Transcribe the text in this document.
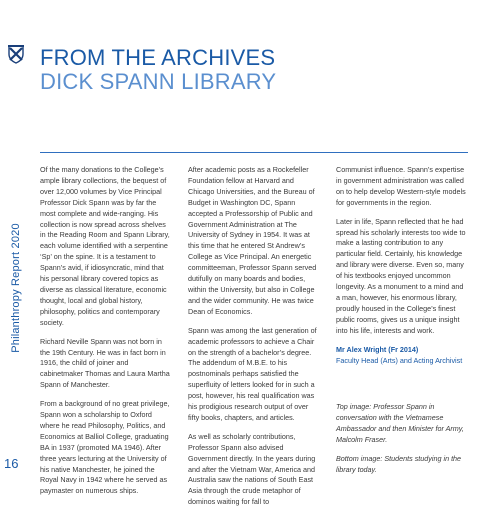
Philanthropy Report 2020
16
FROM THE ARCHIVES
DICK SPANN LIBRARY

Of the many donations to the College’s ample library collections, the bequest of over 12,000 volumes by Vice Principal Professor Dick Spann was by far the most complete and wide-ranging. His collection is now spread across shelves in the Reading Room and Spann Library, each volume identified with a serpentine ‘Sp’ on the spine. It is a testament to Spann’s avid, if idiosyncratic, mind that his personal library covered topics as diverse as classical literature, economic thought, local and global history, philosophy, politics and contemporary society.

Richard Neville Spann was not born in the 19th Century. He was in fact born in 1916, the child of joiner and cabinetmaker Thomas and Laura Martha Spann of Manchester.

From a background of no great privilege, Spann won a scholarship to Oxford where he read Philosophy, Politics, and Economics at Balliol College, graduating BA in 1937 (promoted MA 1946). After three years lecturing at the University of his native Manchester, he joined the Royal Navy in 1942 where he served as paymaster on numerous ships.

After academic posts as a Rockefeller Foundation fellow at Harvard and Chicago Universities, and the Bureau of Budget in Washington DC, Spann accepted a Professorship of Public and Government Administration at The University of Sydney in 1954. It was at this time that he entered St Andrew’s College as Vice Principal. An energetic committeeman, Professor Spann served dutifully on many boards and bodies, within the University, but also in College and the wider community. He was twice Dean of Economics.

Spann was among the last generation of academic professors to achieve a Chair on the strength of a bachelor’s degree. The addendum of M.B.E. to his postnominals perhaps satisfied the superfluity of letters looked for in such a post, however, his real qualification was his prodigious research output of over fifty books, chapters, and articles.

As well as scholarly contributions, Professor Spann also advised Government directly. In the years during and after the Vietnam War, America and Australia saw the nations of South East Asia through the crude metaphor of dominos waiting for fall to

Communist influence. Spann’s expertise in government administration was called on to help develop Western-style models for governments in the region.

Later in life, Spann reflected that he had spread his scholarly interests too wide to make a lasting contribution to any particular field. Certainly, his knowledge and library were diverse. Even so, many of his textbooks enjoyed uncommon longevity. As a monument to a mind and a man, however, his enormous library, proudly housed in the College’s finest public rooms, gives us a unique insight into his life, interests and work.

Mr Alex Wright (Fr 2014)
Faculty Head (Arts) and Acting Archivist

Top image: Professor Spann in conversation with the Vietnamese Ambassador and then Minister for Army, Malcolm Fraser.

Bottom image: Students studying in the library today.
